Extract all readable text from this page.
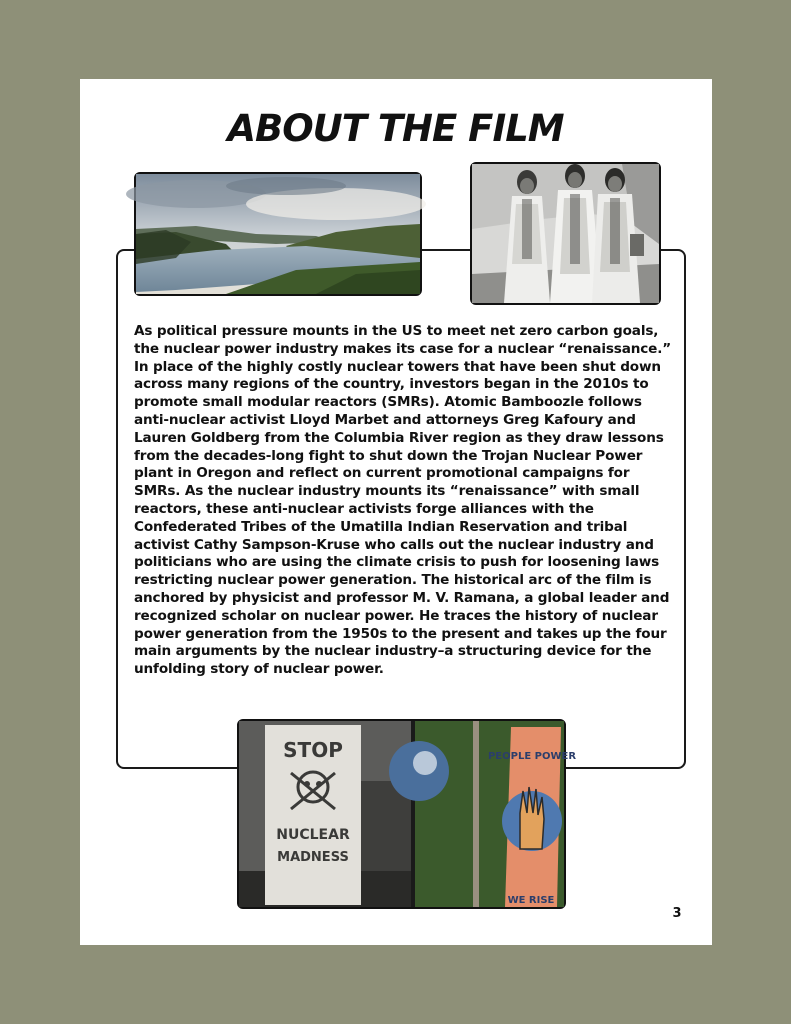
ABOUT THE FILM
STOP
NUCLEAR
MADNESS
PEOPLE POWER
WE RISE

As political pressure mounts in the US to meet net zero carbon goals, the nuclear power industry makes its case for a nuclear “renaissance.” In place of the highly costly nuclear towers that have been shut down across many regions of the country, investors began in the 2010s to promote small modular reactors (SMRs). Atomic Bamboozle follows anti-nuclear activist Lloyd Marbet and attorneys Greg Kafoury and Lauren Goldberg from the Columbia River region as they draw lessons from the decades-long fight to shut down the Trojan Nuclear Power plant in Oregon and reflect on current promotional campaigns for SMRs. As the nuclear industry mounts its “renaissance” with small reactors, these anti-nuclear activists forge alliances with the Confederated Tribes of the Umatilla Indian Reservation and tribal activist Cathy Sampson-Kruse who calls out the nuclear industry and politicians who are using the climate crisis to push for loosening laws restricting nuclear power generation. The historical arc of the film is anchored by physicist and professor M. V. Ramana, a global leader and recognized scholar on nuclear power. He traces the history of nuclear power generation from the 1950s to the present and takes up the four main arguments by the nuclear industry–a structuring device for the unfolding story of nuclear power.

3
